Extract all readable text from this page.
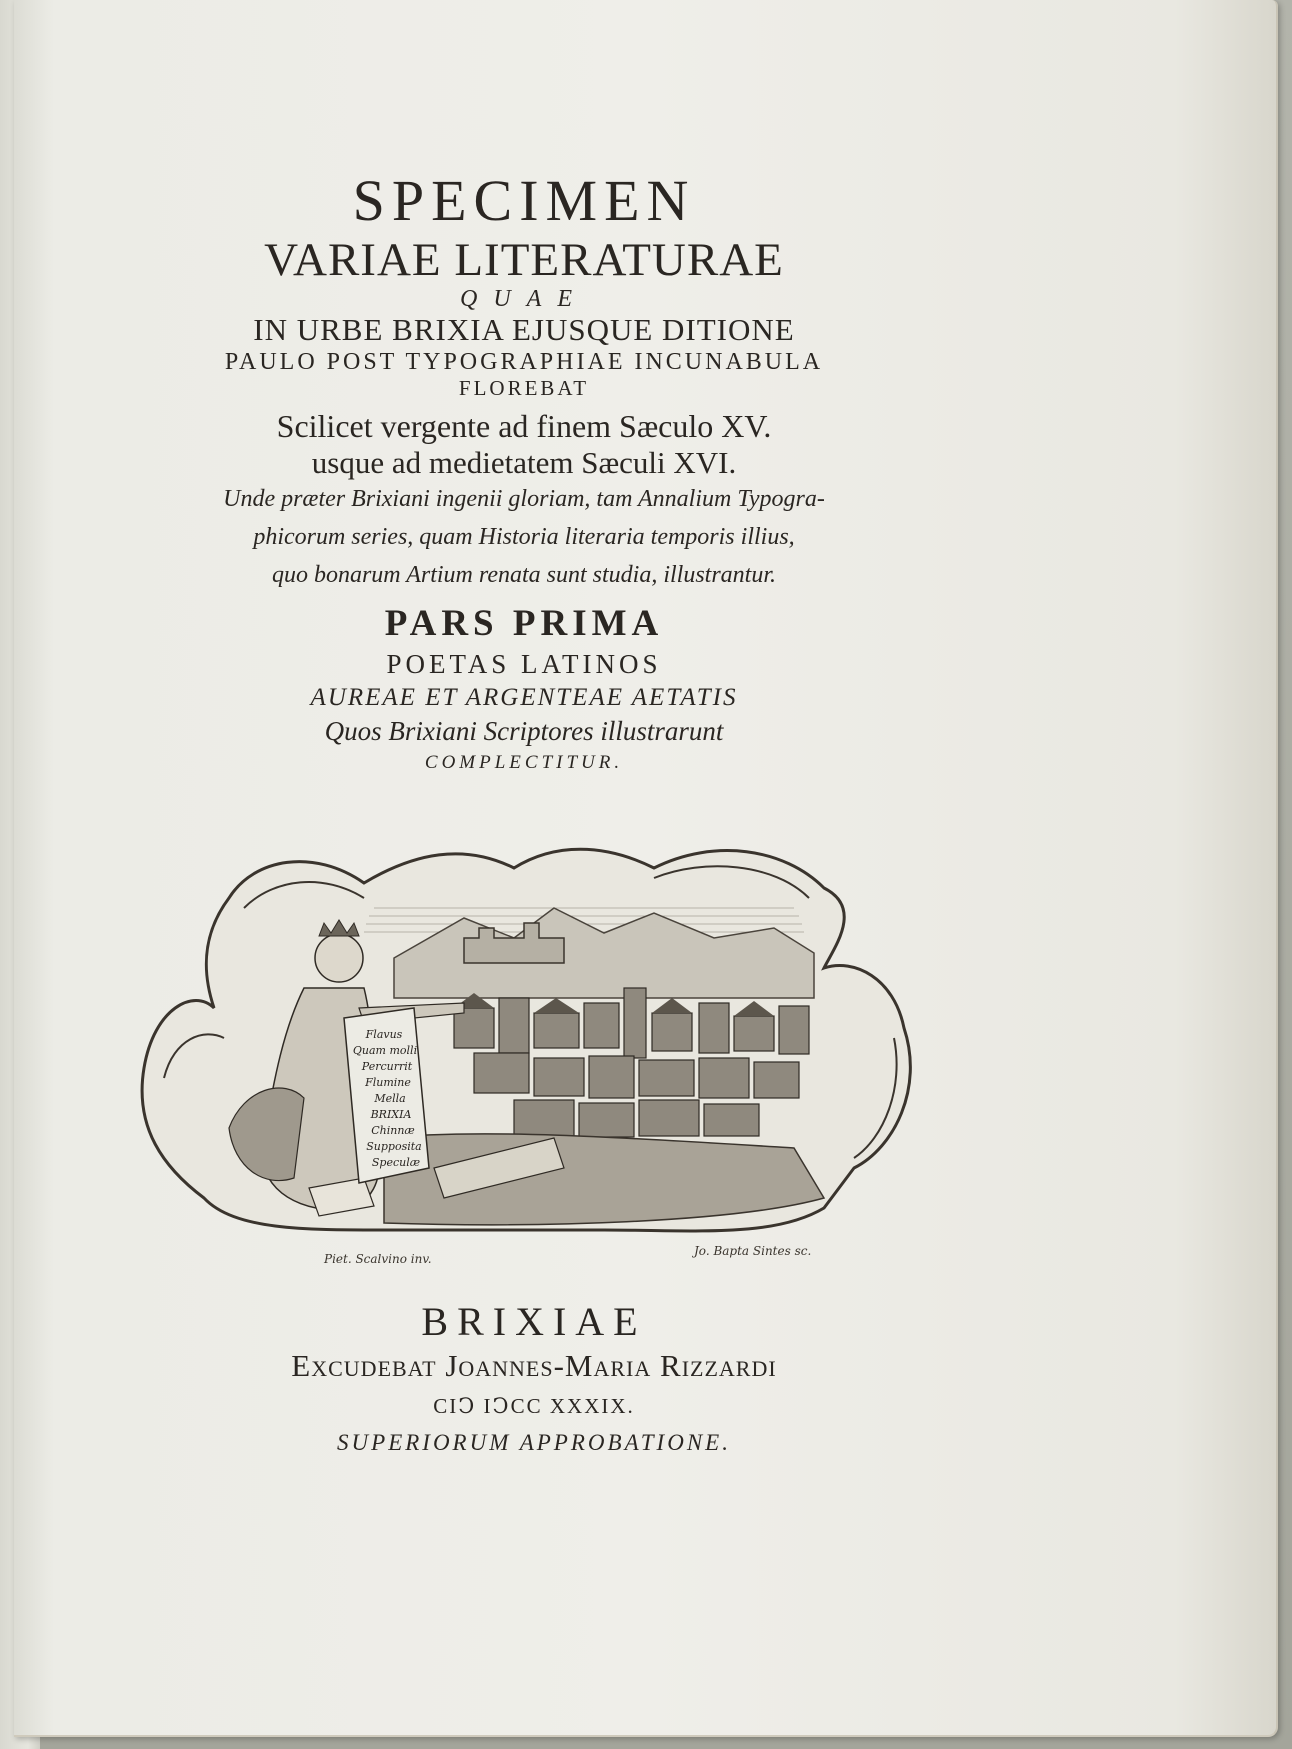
SPECIMEN
VARIAE LITERATURAE
QUAE
IN URBE BRIXIA EJUSQUE DITIONE
PAULO POST TYPOGRAPHIAE INCUNABULA
FLOREBAT
Scilicet vergente ad finem Sæculo XV.
usque ad medietatem Sæculi XVI.
Unde præter Brixiani ingenii gloriam, tam Annalium Typogra-
phicorum series, quam Historia literaria temporis illius,
quo bonarum Artium renata sunt studia, illustrantur.
PARS PRIMA
POETAS LATINOS
AUREAE ET ARGENTEAE AETATIS
Quos Brixiani Scriptores illustrarunt
COMPLECTITUR.
Flavus
Quam molli
Percurrit
Flumine
Mella
BRIXIA
Chinnæ
Supposita
Speculæ
Piet. Scalvino inv.
Jo. Bapta Sintes sc.
BRIXIAE
Excudebat Joannes-Maria Rizzardi
CIↃ IↃCC XXXIX.
SUPERIORUM APPROBATIONE.
